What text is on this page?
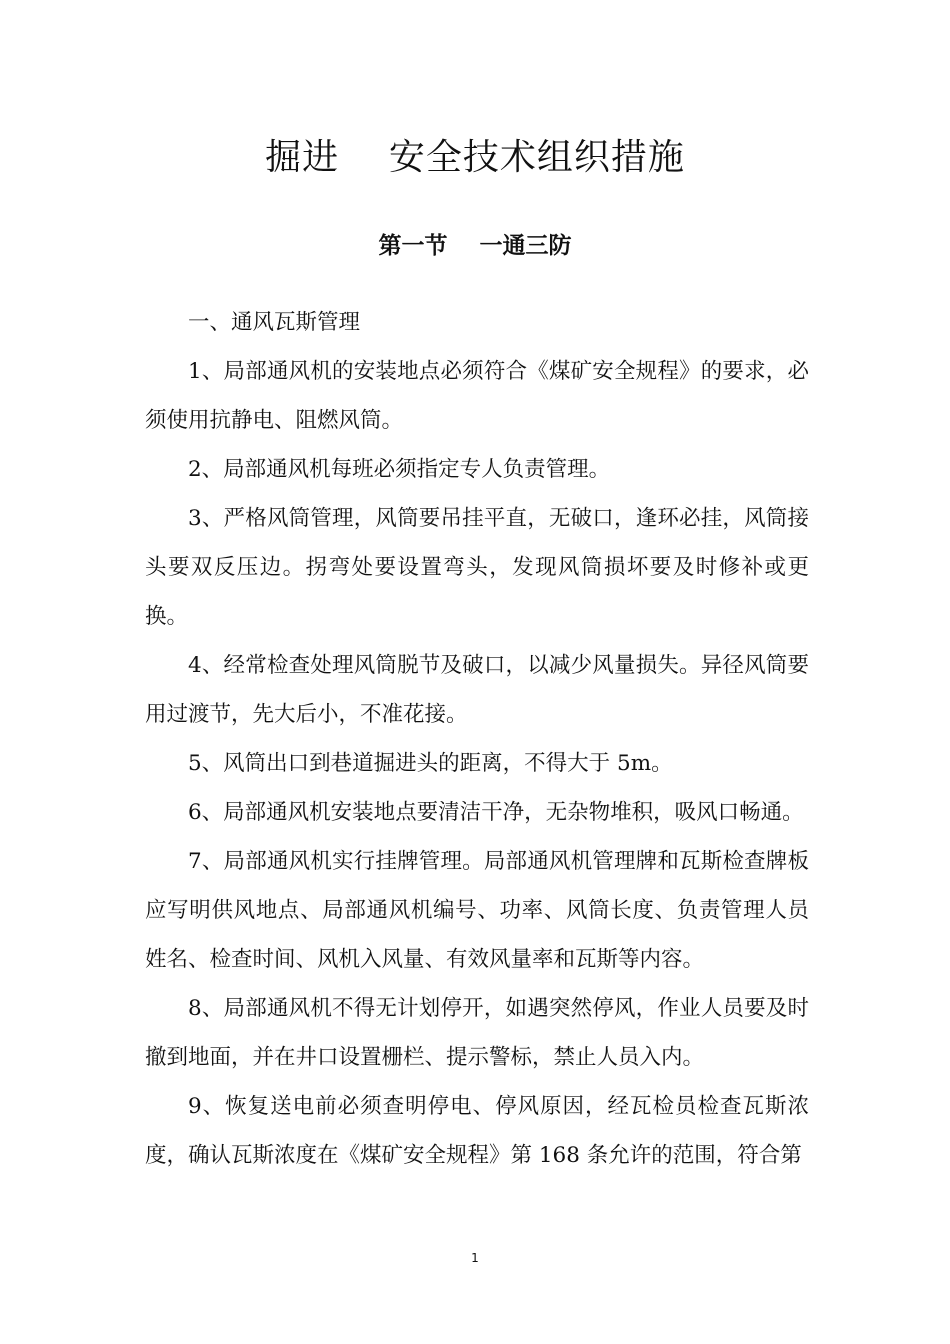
掘进    安全技术组织措施
第一节    一通三防

一、通风瓦斯管理

1、局部通风机的安装地点必须符合《煤矿安全规程》的要求，必须使用抗静电、阻燃风筒。

2、局部通风机每班必须指定专人负责管理。

3、严格风筒管理，风筒要吊挂平直，无破口，逢环必挂，风筒接头要双反压边。拐弯处要设置弯头，发现风筒损坏要及时修补或更换。

4、经常检查处理风筒脱节及破口，以减少风量损失。异径风筒要用过渡节，先大后小，不准花接。

5、风筒出口到巷道掘进头的距离，不得大于 5m。

6、局部通风机安装地点要清洁干净，无杂物堆积，吸风口畅通。

7、局部通风机实行挂牌管理。局部通风机管理牌和瓦斯检查牌板应写明供风地点、局部通风机编号、功率、风筒长度、负责管理人员姓名、检查时间、风机入风量、有效风量率和瓦斯等内容。

8、局部通风机不得无计划停开，如遇突然停风，作业人员要及时撤到地面，并在井口设置栅栏、提示警标，禁止人员入内。

9、恢复送电前必须查明停电、停风原因，经瓦检员检查瓦斯浓度，确认瓦斯浓度在《煤矿安全规程》第 168 条允许的范围，符合第

1
